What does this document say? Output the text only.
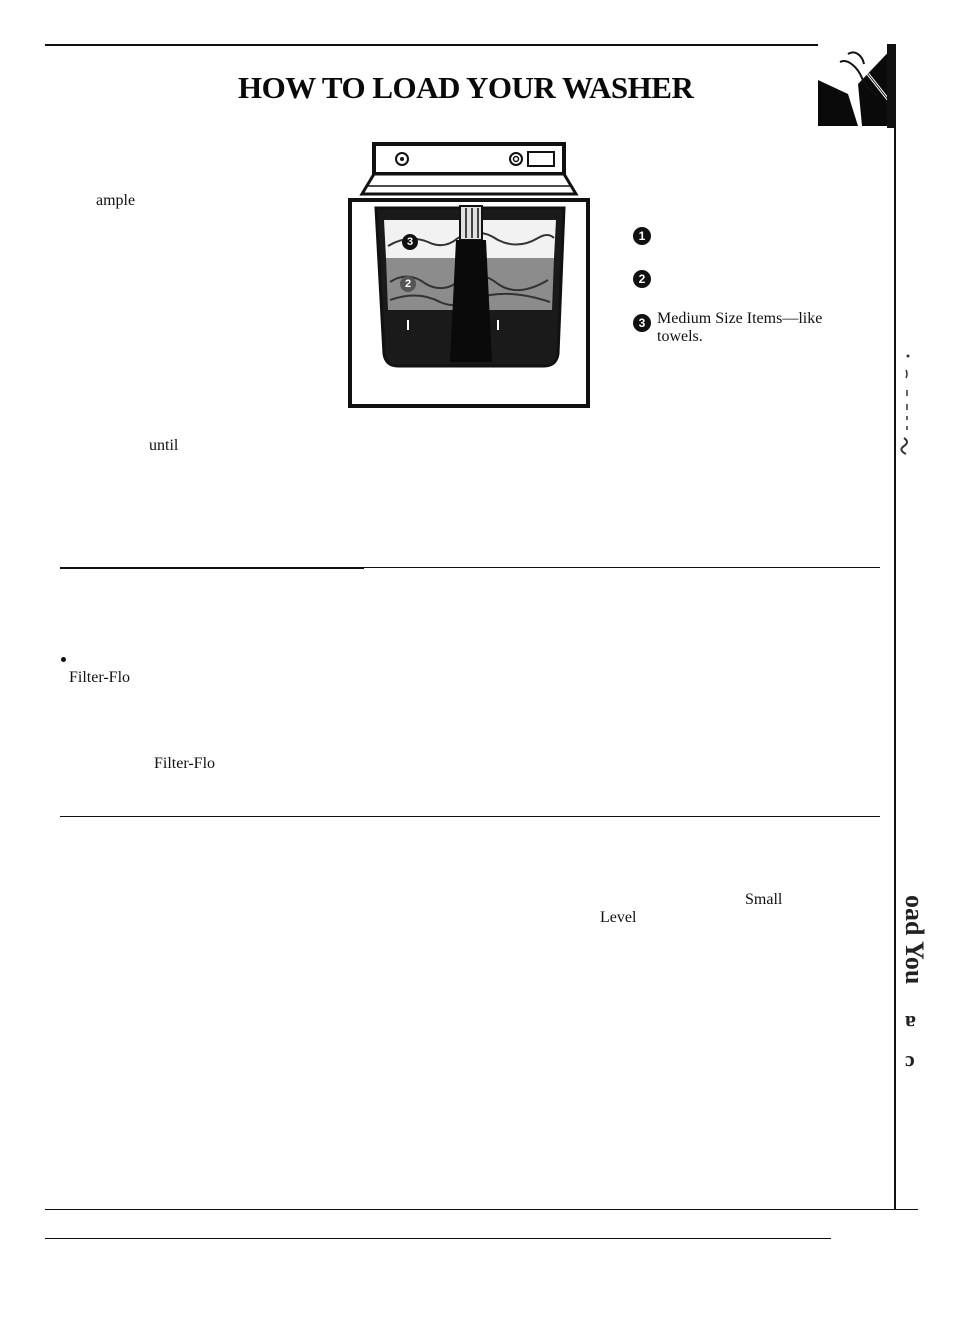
HOW TO LOAD YOUR WASHER
3
2
1
2
3 Medium Size Items—like
towels.
ample
until
Filter-Flo
Filter-Flo
Small
Level	oad You
a
c
